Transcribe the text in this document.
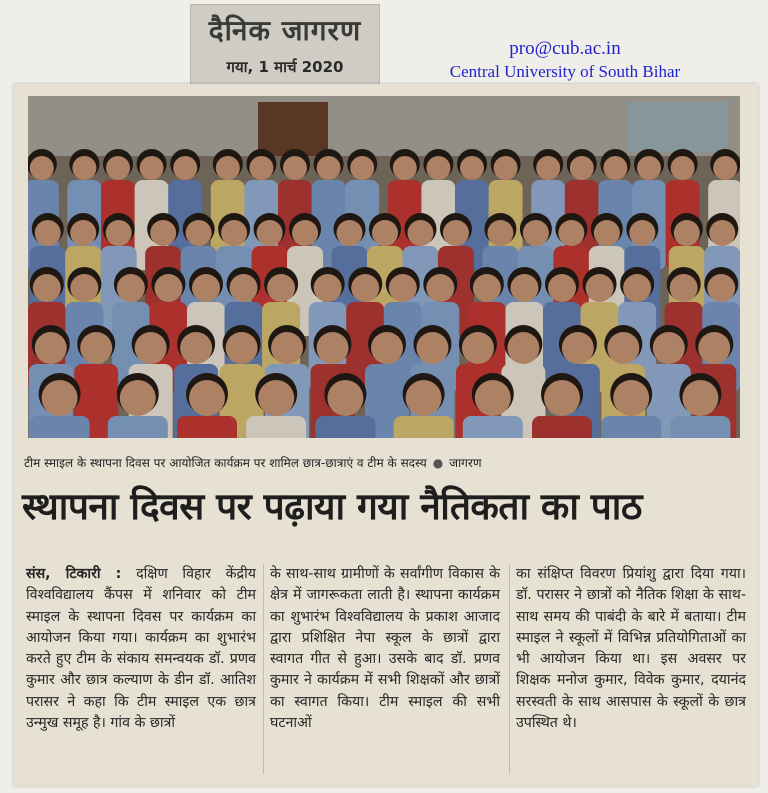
दैनिक जागरण
गया, 1 मार्च 2020
pro@cub.ac.in
Central University of South Bihar
टीम स्माइल के स्थापना दिवस पर आयोजित कार्यक्रम पर शामिल छात्र-छात्राएं व टीम के सदस्य ● जागरण
स्थापना दिवस पर पढ़ाया गया नैतिकता का पाठ

संस, टिकारी : दक्षिण विहार केंद्रीय विश्वविद्यालय कैंपस में शनिवार को टीम स्माइल के स्थापना दिवस पर कार्यक्रम का आयोजन किया गया। कार्यक्रम का शुभारंभ करते हुए टीम के संकाय समन्वयक डॉ. प्रणव कुमार और छात्र कल्याण के डीन डॉ. आतिश परासर ने कहा कि टीम स्माइल एक छात्र उन्मुख समूह है। गांव के छात्रों

के साथ-साथ ग्रामीणों के सर्वांगीण विकास के क्षेत्र में जागरूकता लाती है। स्थापना कार्यक्रम का शुभारंभ विश्वविद्यालय के प्रकाश आजाद द्वारा प्रशिक्षित नेपा स्कूल के छात्रों द्वारा स्वागत गीत से हुआ। उसके बाद डॉ. प्रणव कुमार ने कार्यक्रम में सभी शिक्षकों और छात्रों का स्वागत किया। टीम स्माइल की सभी घटनाओं

का संक्षिप्त विवरण प्रियांशु द्वारा दिया गया। डॉ. परासर ने छात्रों को नैतिक शिक्षा के साथ-साथ समय की पाबंदी के बारे में बताया। टीम स्माइल ने स्कूलों में विभिन्न प्रतियोगिताओं का भी आयोजन किया था। इस अवसर पर शिक्षक मनोज कुमार, विवेक कुमार, दयानंद सरस्वती के साथ आसपास के स्कूलों के छात्र उपस्थित थे।
